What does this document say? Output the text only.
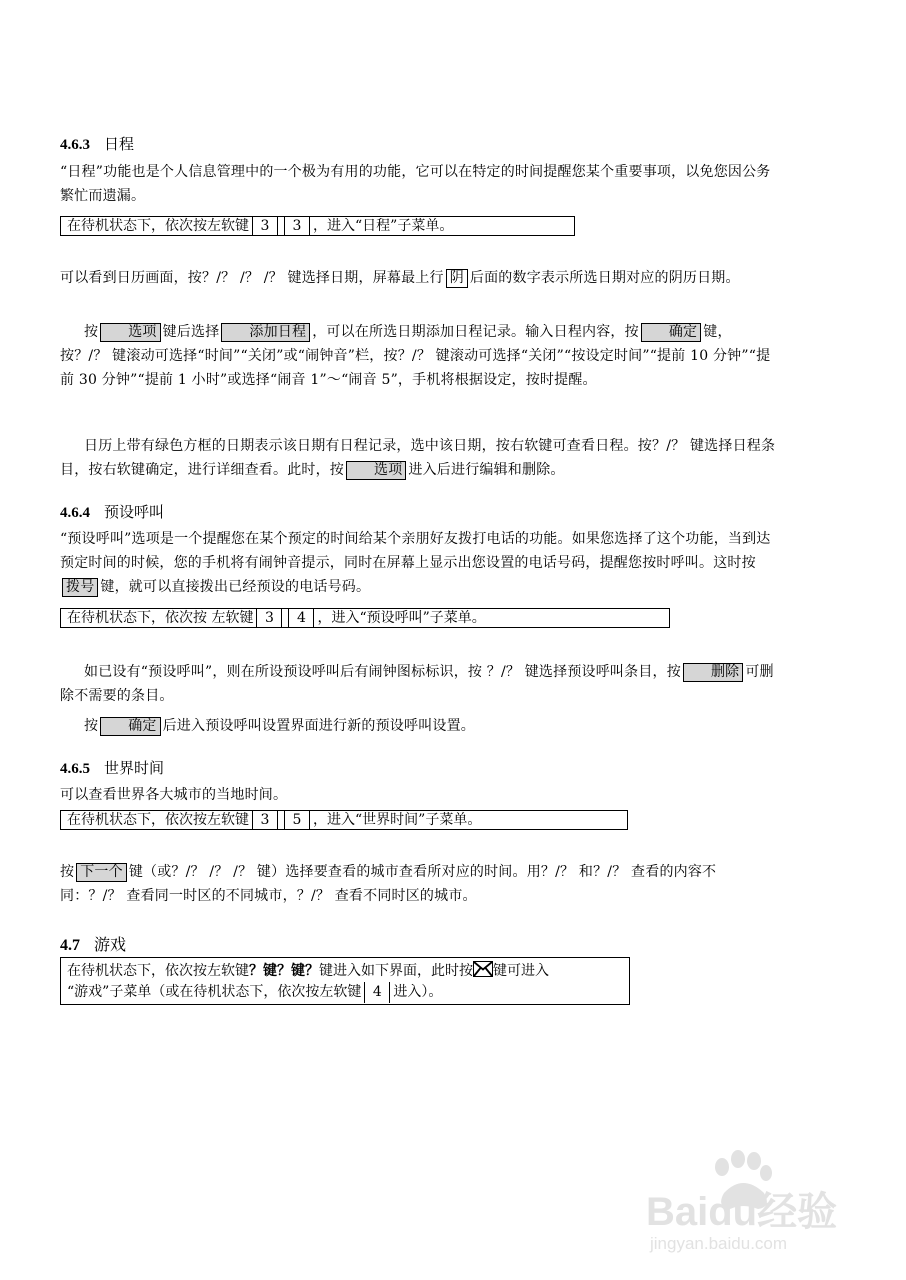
4.6.3 日程
“日程”功能也是个人信息管理中的一个极为有用的功能，它可以在特定的时间提醒您某个重要事项，以免您因公务繁忙而遗漏。
在待机状态下，依次按左软键 3 3 ，进入“日程”子菜单。
可以看到日历画面，按？/？ /？ /？ 键选择日期，屏幕最上行 阴 后面的数字表示所选日期对应的阴历日期。
按 选项 键后选择 添加日程 ，可以在所选日期添加日程记录。输入日程内容，按 确定 键，按？/？ 键滚动可选择“时间”“关闭”或“闹钟音”栏，按？/？ 键滚动可选择“关闭”“按设定时间”“提前 10 分钟”“提前 30 分钟”“提前 1 小时”或选择“闹音 1”～“闹音 5”，手机将根据设定，按时提醒。
日历上带有绿色方框的日期表示该日期有日程记录，选中该日期，按右软键可查看日程。按？/？ 键选择日程条目，按右软键确定，进行详细查看。此时，按 选项 进入后进行编辑和删除。
4.6.4 预设呼叫
“预设呼叫”选项是一个提醒您在某个预定的时间给某个亲朋好友拨打电话的功能。如果您选择了这个功能，当到达预定时间的时候，您的手机将有闹钟音提示，同时在屏幕上显示出您设置的电话号码，提醒您按时呼叫。这时按拨号 键，就可以直接拨出已经预设的电话号码。
在待机状态下，依次按 左软键 3 4 ，进入“预设呼叫”子菜单。
如已设有“预设呼叫”，则在所设预设呼叫后有闹钟图标标识，按 ？/？ 键选择预设呼叫条目，按 删除 可删除不需要的条目。
按 确定 后进入预设呼叫设置界面进行新的预设呼叫设置。
4.6.5 世界时间
可以查看世界各大城市的当地时间。
在待机状态下，依次按左软键 3 5 ，进入“世界时间”子菜单。
按 下一个 键（或？/？ /？ /？ 键）选择要查看的城市查看所对应的时间。用？/？ 和？/？ 查看的内容不同：？/？ 查看同一时区的不同城市，？/？ 查看不同时区的城市。
4.7 游戏
在待机状态下，依次按左软键？键？键？键进入如下界面，此时按 键可进入
“游戏”子菜单（或在待机状态下，依次按左软键 4 进入）。
Baidu经验
jingyan.baidu.com
